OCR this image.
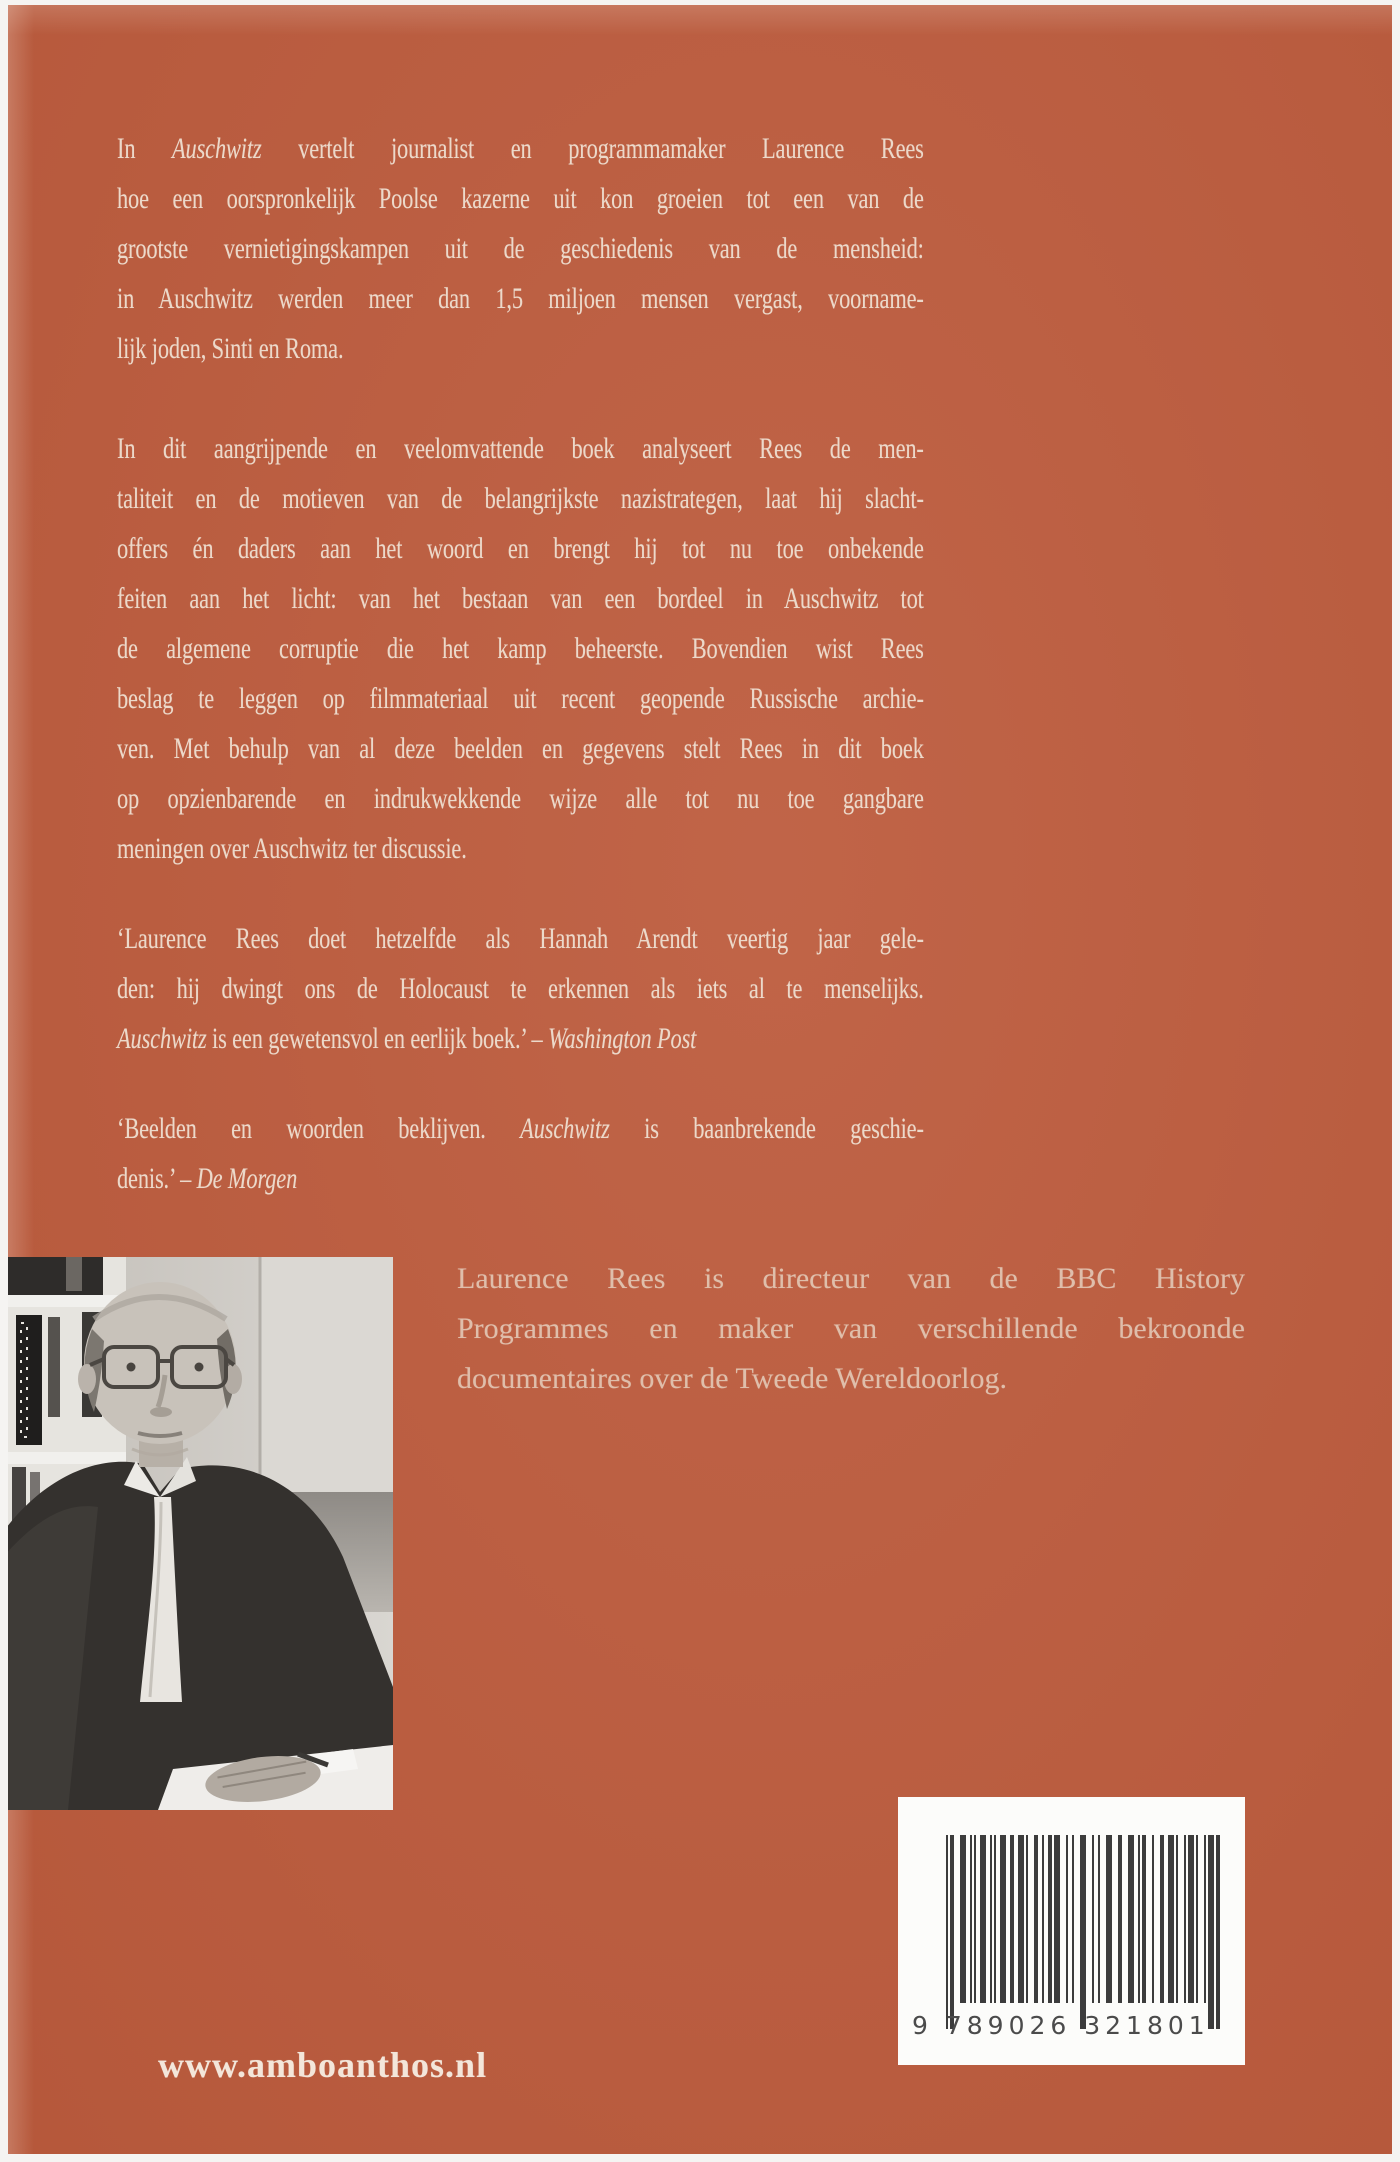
In Auschwitz vertelt journalist en programmamaker Laurence Rees
hoe een oorspronkelijk Poolse kazerne uit kon groeien tot een van de
grootste vernietigingskampen uit de geschiedenis van de mensheid:
in Auschwitz werden meer dan 1,5 miljoen mensen vergast, voorname-
lijk joden, Sinti en Roma.
In dit aangrijpende en veelomvattende boek analyseert Rees de men-
taliteit en de motieven van de belangrijkste nazistrategen, laat hij slacht-
offers én daders aan het woord en brengt hij tot nu toe onbekende
feiten aan het licht: van het bestaan van een bordeel in Auschwitz tot
de algemene corruptie die het kamp beheerste. Bovendien wist Rees
beslag te leggen op filmmateriaal uit recent geopende Russische archie-
ven. Met behulp van al deze beelden en gegevens stelt Rees in dit boek
op opzienbarende en indrukwekkende wijze alle tot nu toe gangbare
meningen over Auschwitz ter discussie.
‘Laurence Rees doet hetzelfde als Hannah Arendt veertig jaar gele-
den: hij dwingt ons de Holocaust te erkennen als iets al te menselijks.
Auschwitz is een gewetensvol en eerlijk boek.’ – Washington Post
‘Beelden en woorden beklijven. Auschwitz is baanbrekende geschie-
denis.’ – De Morgen
Laurence Rees is directeur van de BBC History
Programmes en maker van verschillende bekroonde
documentaires over de Tweede Wereldoorlog.
9 789026 321801
www.amboanthos.nl
